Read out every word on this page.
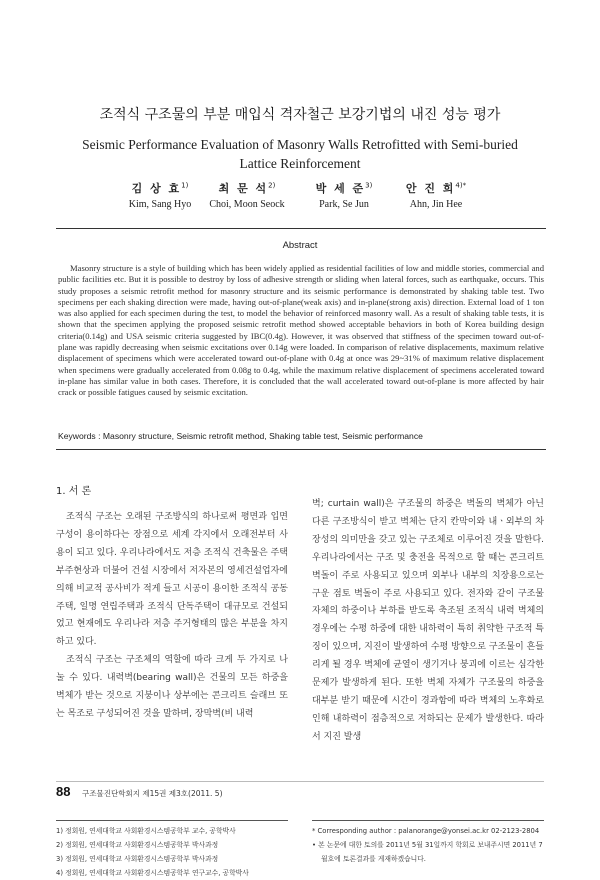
조적식 구조물의 부분 매입식 격자철근 보강기법의 내진 성능 평가
Seismic Performance Evaluation of Masonry Walls Retrofitted with Semi-buried Lattice Reinforcement
김 상 효$^{1)}$
Kim, Sang Hyo
최 문 석$^{2)}$
Choi, Moon Seock
박 세 준$^{3)}$
Park, Se Jun
안 진 희$^{4)*}$
Ahn, Jin Hee
Abstract

Masonry structure is a style of building which has been widely applied as residential facilities of low and middle stories, commercial and public facilities etc. But it is possible to destroy by loss of adhesive strength or sliding when lateral forces, such as earthquake, occurs. This study proposes a seismic retrofit method for masonry structure and its seismic performance is demonstrated by shaking table test. Two specimens per each shaking direction were made, having out-of-plane(weak axis) and in-plane(strong axis) direction. External load of 1 ton was also applied for each specimen during the test, to model the behavior of reinforced masonry wall. As a result of shaking table tests, it is shown that the specimen applying the proposed seismic retrofit method showed acceptable behaviors in both of Korea building design criteria(0.14g) and USA seismic criteria suggested by IBC(0.4g). However, it was observed that stiffness of the specimen toward out-of-plane was rapidly decreasing when seismic excitations over 0.14g were loaded. In comparison of relative displacements, maximum relative displacement of specimens which were accelerated toward out-of-plane with 0.4g at once was 29~31% of maximum relative displacement when specimens were gradually accelerated from 0.08g to 0.4g, while the maximum relative displacement of specimens accelerated toward in-plane has similar value in both cases. Therefore, it is concluded that the wall accelerated toward out-of-plane is more affected by hair crack or possible fatigues caused by seismic excitation.

Keywords : Masonry structure, Seismic retrofit method, Shaking table test, Seismic performance
1. 서 론

조적식 구조는 오래된 구조방식의 하나로써 평면과 입면구성이 용이하다는 장점으로 세계 각지에서 오래전부터 사용이 되고 있다. 우리나라에서도 저층 조적식 건축물은 주택 부주현상과 더불어 건설 시장에서 저자본의 영세건설업자에 의해 비교적 공사비가 적게 들고 시공이 용이한 조적식 공동주택, 일명 연립주택과 조적식 단독주택이 대규모로 건설되었고 현재에도 우리나라 저층 주거형태의 많은 부분을 차지하고 있다.

조적식 구조는 구조체의 역할에 따라 크게 두 가지로 나눌 수 있다. 내력벽(bearing wall)은 건물의 모든 하중을 벽체가 받는 것으로 지붕이나 상부에는 콘크리트 슬래브 또는 목조로 구성되어진 것을 말하며, 장막벽(비 내력

벽; curtain wall)은 구조물의 하중은 벽돌의 벽체가 아닌 다른 구조방식이 받고 벽체는 단지 칸막이와 내ㆍ외부의 차장성의 의미만을 갖고 있는 구조체로 이루어진 것을 말한다. 우리나라에서는 구조 및 충전을 목적으로 할 때는 콘크리트 벽돌이 주로 사용되고 있으며 외부나 내부의 치장용으로는 구운 점토 벽돌이 주로 사용되고 있다. 전자와 같이 구조물 자체의 하중이나 부하를 받도록 축조된 조적식 내력 벽체의 경우에는 수평 하중에 대한 내하력이 특히 취약한 구조적 특징이 있으며, 지진이 발생하여 수평 방향으로 구조물이 흔들리게 될 경우 벽체에 균열이 생기거나 붕괴에 이르는 심각한 문제가 발생하게 된다. 또한 벽체 자체가 구조물의 하중을 대부분 받기 때문에 시간이 경과함에 따라 벽체의 노후화로 인해 내하력이 점층적으로 저하되는 문제가 발생한다. 따라서 지진 발생

1) 정회원, 연세대학교 사회환경시스템공학부 교수, 공학박사
2) 정회원, 연세대학교 사회환경시스템공학부 박사과정
3) 정회원, 연세대학교 사회환경시스템공학부 박사과정
4) 정회원, 연세대학교 사회환경시스템공학부 연구교수, 공학박사
* Corresponding author : palanorange@yonsei.ac.kr 02-2123-2804
• 본 논문에 대한 토의를 2011년 5월 31일까지 학회로 보내주시면 2011년 7월호에 토론결과를 게재하겠습니다.
88 구조물진단학회지 제15권 제3호(2011. 5)
